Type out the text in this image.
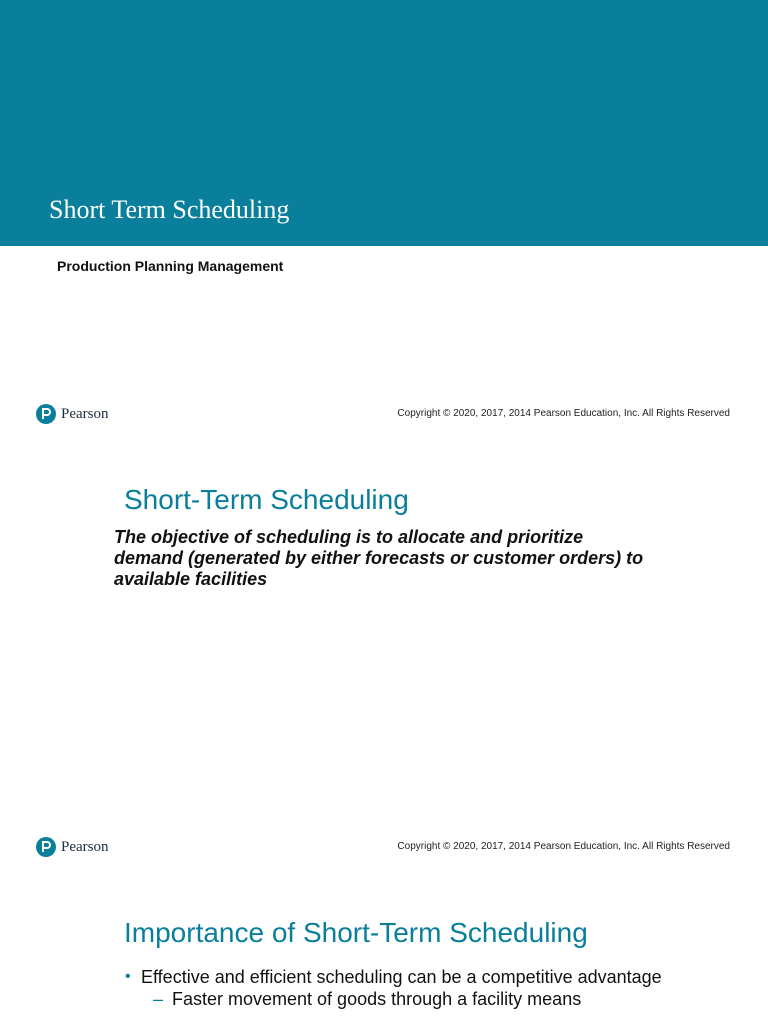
Short Term Scheduling
Production Planning Management
Pearson	Copyright © 2020, 2017, 2014 Pearson Education, Inc. All Rights Reserved
Short-Term Scheduling
The objective of scheduling is to allocate and prioritize demand (generated by either forecasts or customer orders) to available facilities
Pearson	Copyright © 2020, 2017, 2014 Pearson Education, Inc. All Rights Reserved
Importance of Short-Term Scheduling
• Effective and efficient scheduling can be a competitive advantage
– Faster movement of goods through a facility means
